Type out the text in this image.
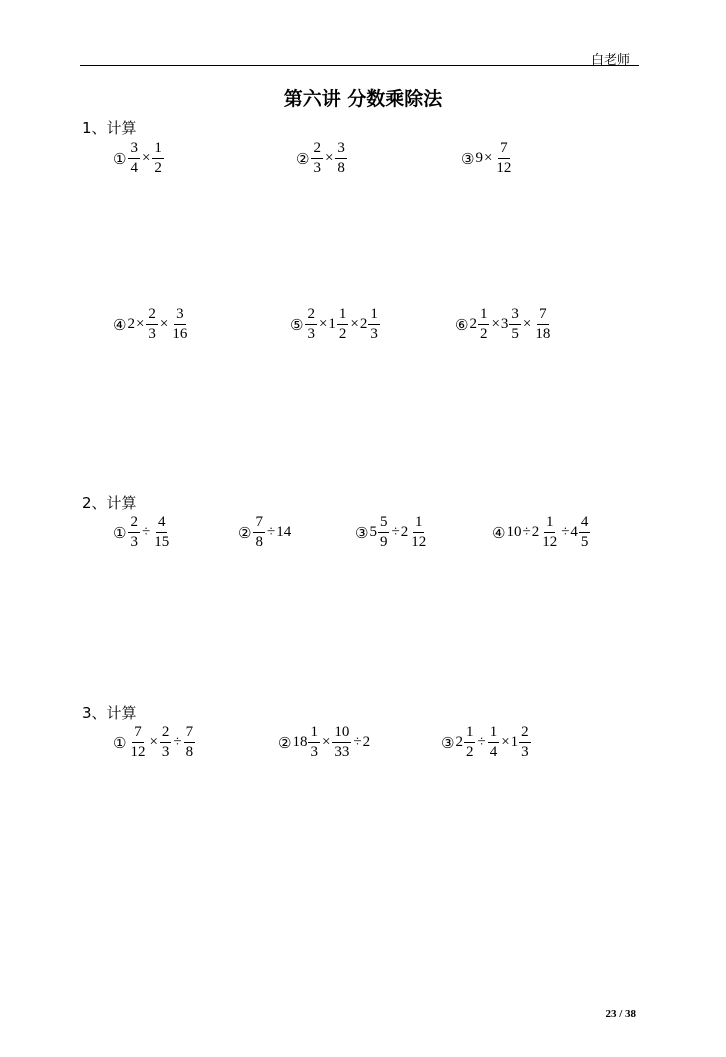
白老师
第六讲 分数乘除法
1、计算
① $\frac{3}{4} \times \frac{1}{2}$	② $\frac{2}{3} \times \frac{3}{8}$	③ $9 \times \frac{7}{12}$
④ $2 \times \frac{2}{3} \times \frac{3}{16}$	⑤ $\frac{2}{3} \times 1 \frac{1}{2} \times 2 \frac{1}{3}$	⑥ $2 \frac{1}{2} \times 3 \frac{3}{5} \times \frac{7}{18}$
2、计算
① $\frac{2}{3} \div \frac{4}{15}$	② $\frac{7}{8} \div 14$	③ $5 \frac{5}{9} \div 2 \frac{1}{12}$	④ $10 \div 2 \frac{1}{12} \div 4 \frac{4}{5}$
3、计算
① $\frac{7}{12} \times \frac{2}{3} \div \frac{7}{8}$	② $18 \frac{1}{3} \times \frac{10}{33} \div 2$	③ $2 \frac{1}{2} \div \frac{1}{4} \times 1 \frac{2}{3}$
23 / 38
